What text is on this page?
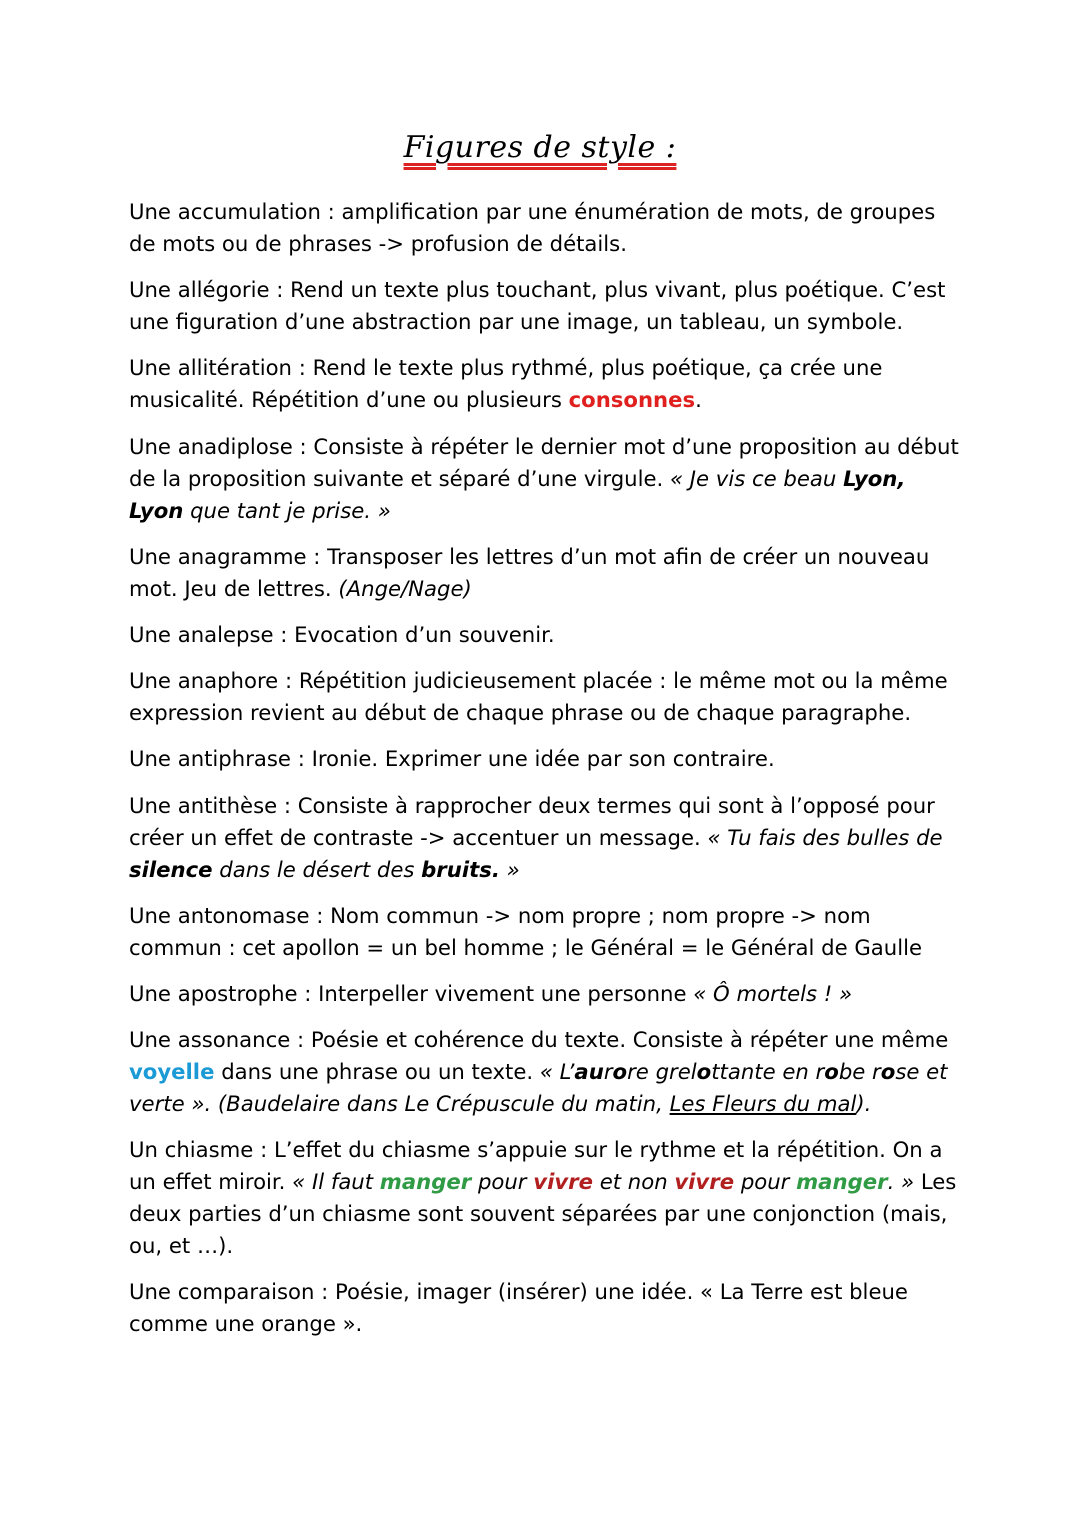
Figures de style :

Une accumulation : amplification par une énumération de mots, de groupes de mots ou de phrases -> profusion de détails.

Une allégorie : Rend un texte plus touchant, plus vivant, plus poétique. C’est une figuration d’une abstraction par une image, un tableau, un symbole.

Une allitération : Rend le texte plus rythmé, plus poétique, ça crée une musicalité. Répétition d’une ou plusieurs consonnes.

Une anadiplose : Consiste à répéter le dernier mot d’une proposition au début de la proposition suivante et séparé d’une virgule. « Je vis ce beau Lyon, Lyon que tant je prise. »

Une anagramme : Transposer les lettres d’un mot afin de créer un nouveau mot. Jeu de lettres. (Ange/Nage)

Une analepse : Evocation d’un souvenir.

Une anaphore : Répétition judicieusement placée : le même mot ou la même expression revient au début de chaque phrase ou de chaque paragraphe.

Une antiphrase : Ironie. Exprimer une idée par son contraire.

Une antithèse : Consiste à rapprocher deux termes qui sont à l’opposé pour créer un effet de contraste -> accentuer un message. « Tu fais des bulles de silence dans le désert des bruits. »

Une antonomase : Nom commun -> nom propre ; nom propre -> nom commun : cet apollon = un bel homme ; le Général = le Général de Gaulle

Une apostrophe : Interpeller vivement une personne « Ô mortels ! »

Une assonance : Poésie et cohérence du texte. Consiste à répéter une même voyelle dans une phrase ou un texte. « L’aurore grelottante en robe rose et verte ». (Baudelaire dans Le Crépuscule du matin, Les Fleurs du mal).

Un chiasme : L’effet du chiasme s’appuie sur le rythme et la répétition. On a un effet miroir. « Il faut manger pour vivre et non vivre pour manger. » Les deux parties d’un chiasme sont souvent séparées par une conjonction (mais, ou, et …).

Une comparaison : Poésie, imager (insérer) une idée. « La Terre est bleue comme une orange ».
